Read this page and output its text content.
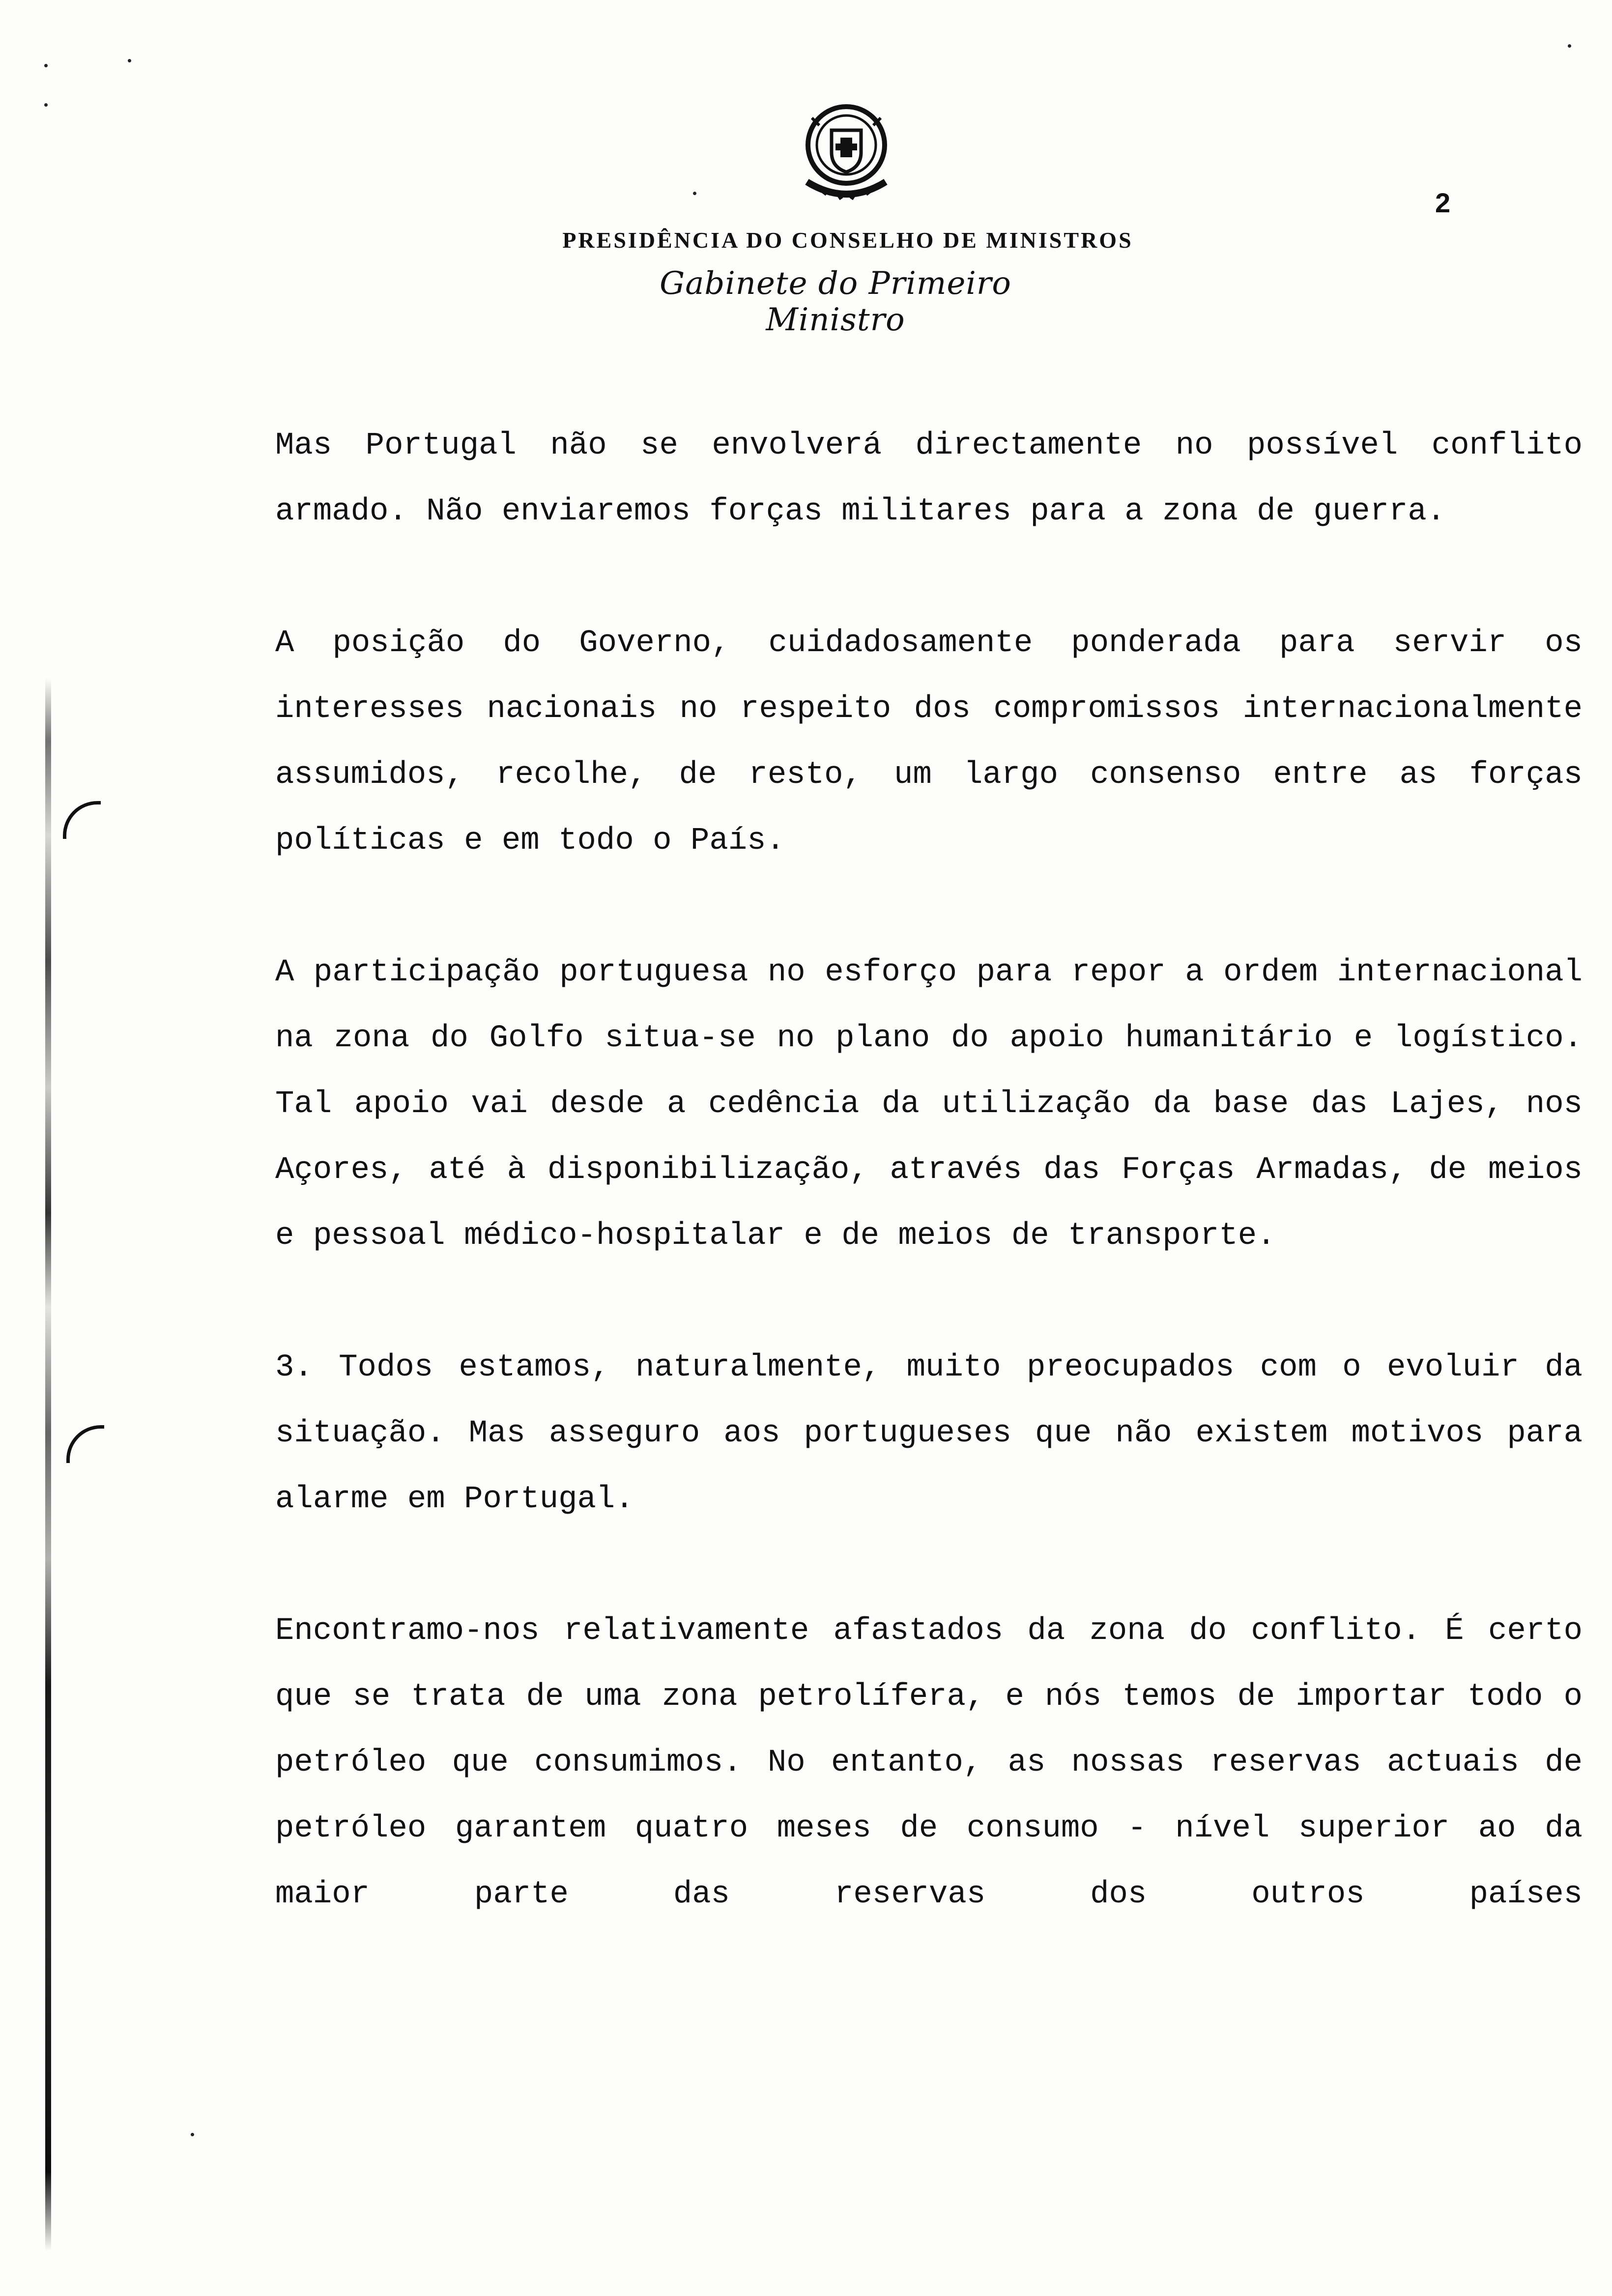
PRESIDÊNCIA DO CONSELHO DE MINISTROS
Gabinete do Primeiro Ministro
2

Mas Portugal não se envolverá directamente no possível conflito armado. Não enviaremos forças militares para a zona de guerra.

A posição do Governo, cuidadosamente ponderada para servir os interesses nacionais no respeito dos compromissos internacionalmente assumidos, recolhe, de resto, um largo consenso entre as forças políticas e em todo o País.

A participação portuguesa no esforço para repor a ordem internacional na zona do Golfo situa-se no plano do apoio humanitário e logístico. Tal apoio vai desde a cedência da utilização da base das Lajes, nos Açores, até à disponibilização, através das Forças Armadas, de meios e pessoal médico-hospitalar e de meios de transporte.

3. Todos estamos, naturalmente, muito preocupados com o evoluir da situação. Mas asseguro aos portugueses que não existem motivos para alarme em Portugal.

Encontramo-nos relativamente afastados da zona do conflito. É certo que se trata de uma zona petrolífera, e nós temos de importar todo o petróleo que consumimos. No entanto, as nossas reservas actuais de petróleo garantem quatro meses de consumo - nível superior ao da maior parte das reservas dos outros países
